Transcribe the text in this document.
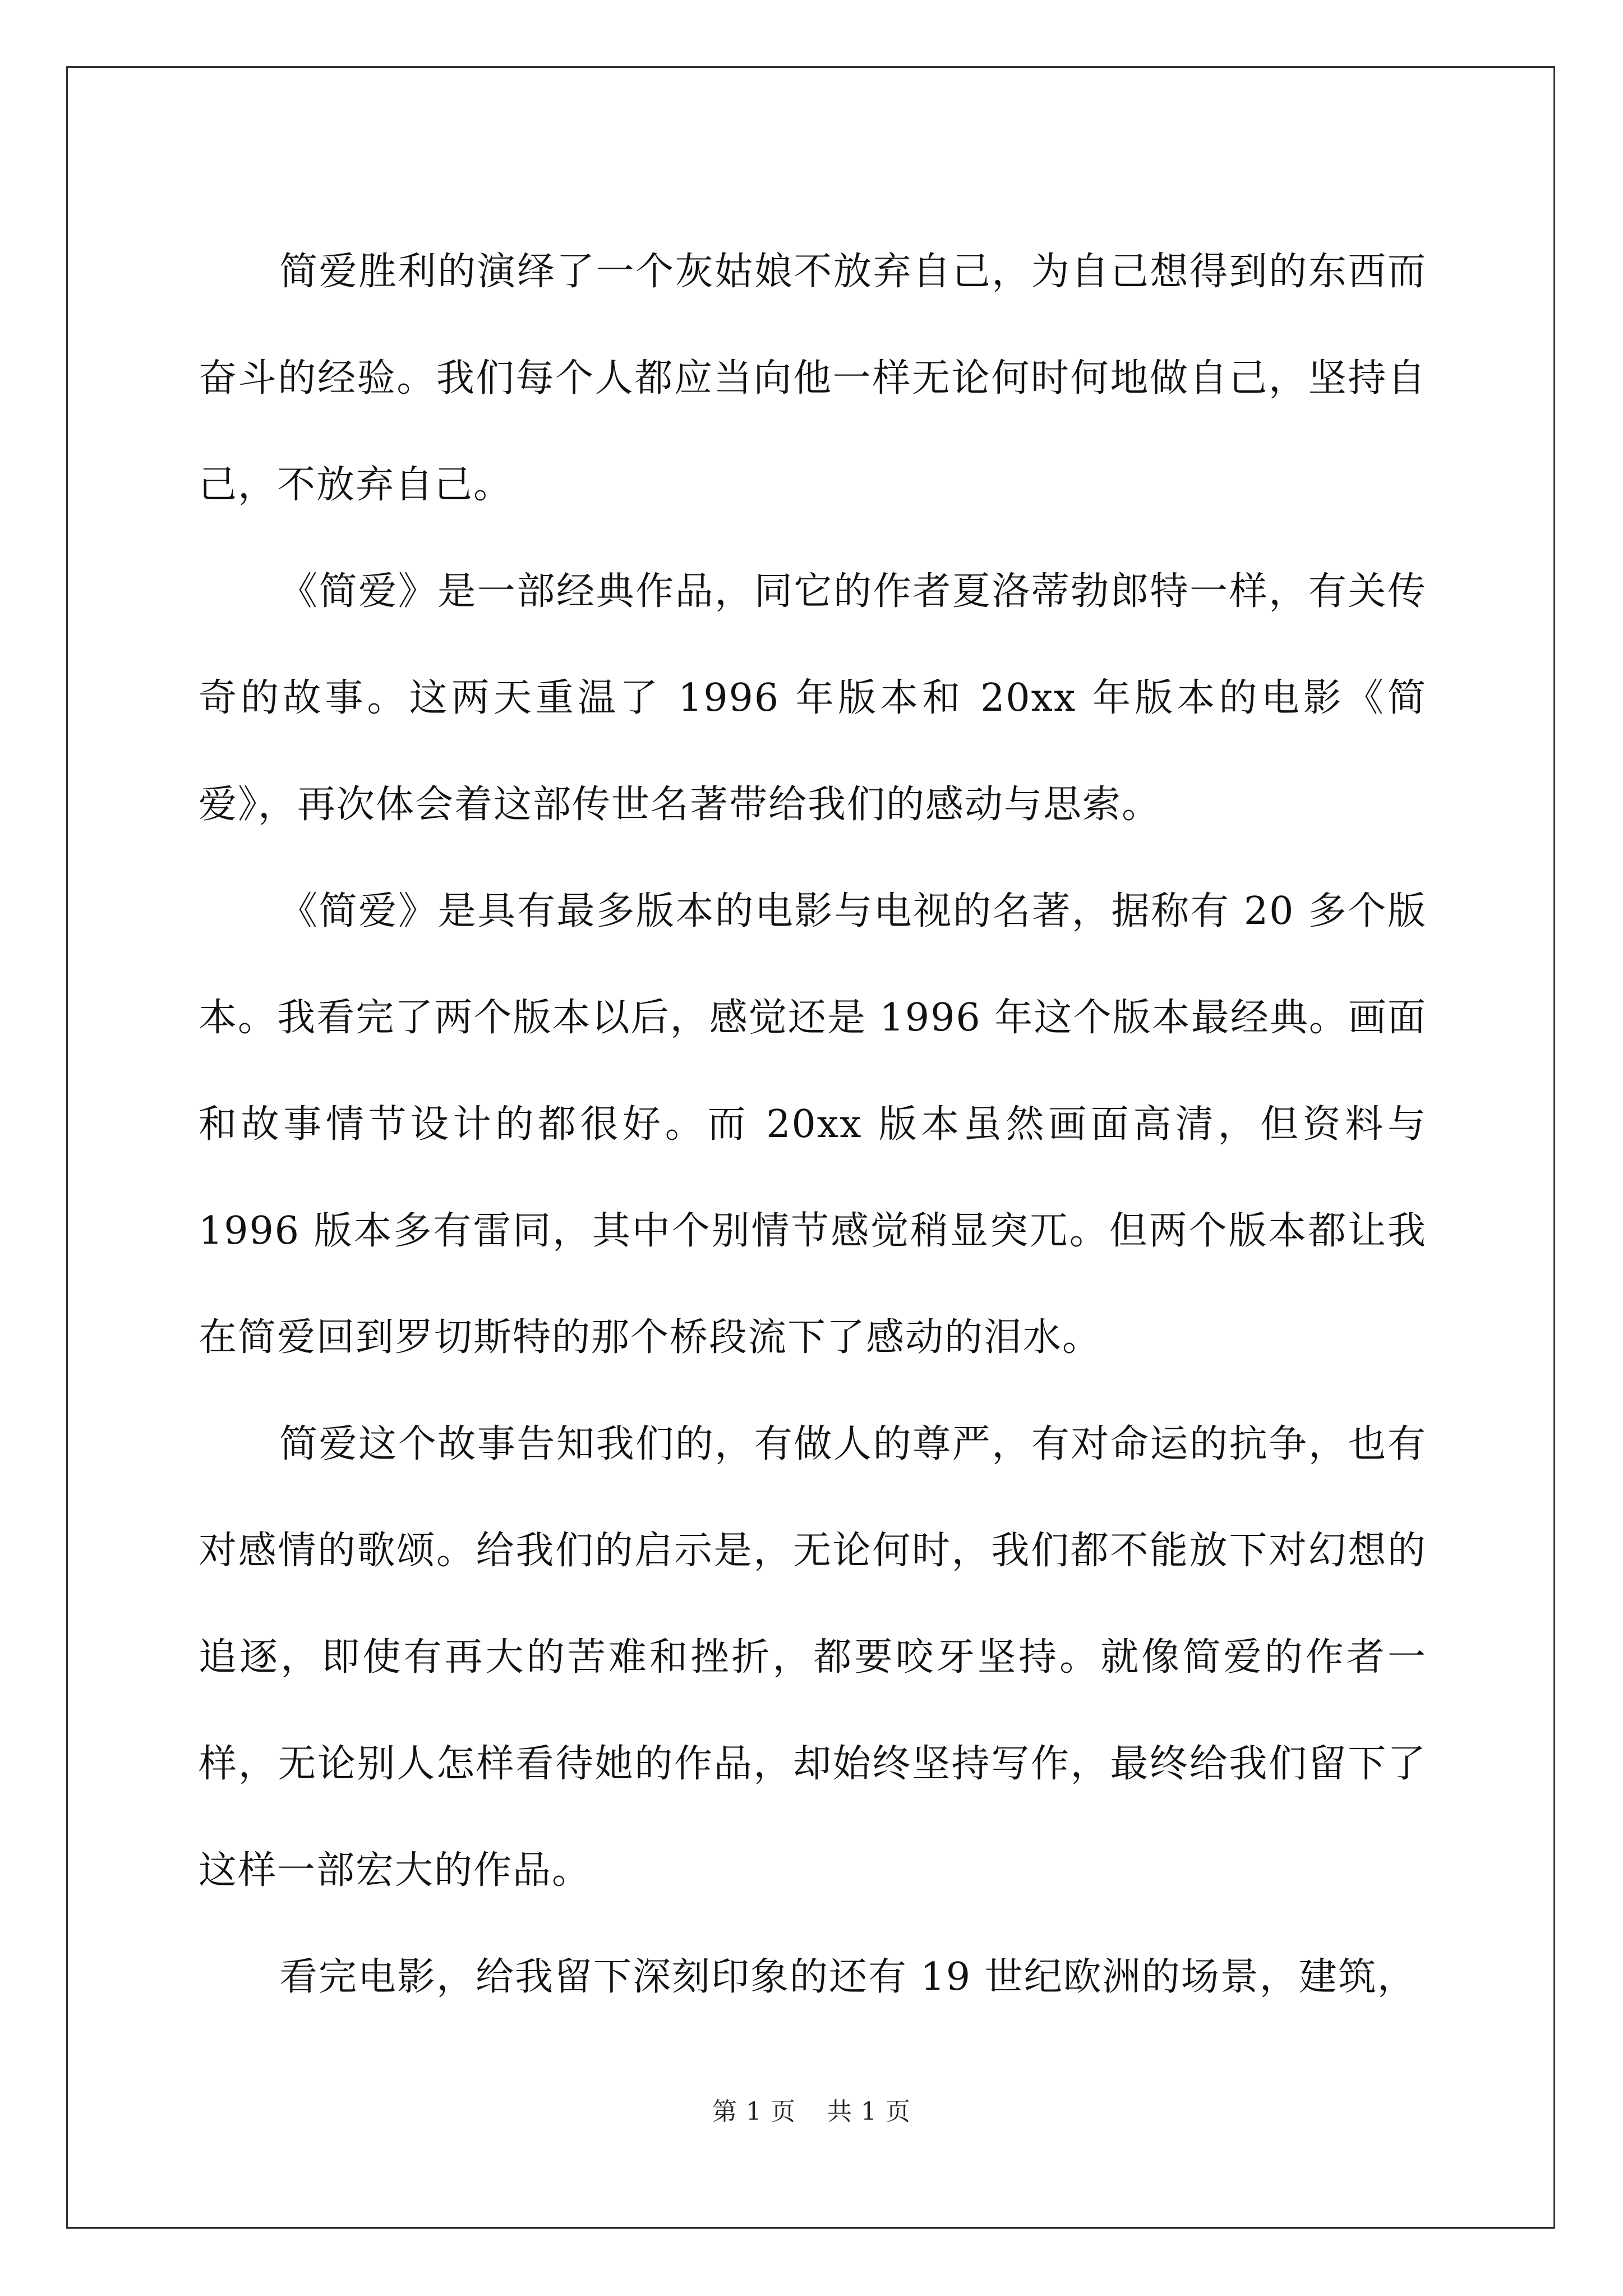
简爱胜利的演绎了一个灰姑娘不放弃自己，为自己想得到的东西而奋斗的经验。我们每个人都应当向他一样无论何时何地做自己，坚持自己，不放弃自己。

《简爱》是一部经典作品，同它的作者夏洛蒂勃郎特一样，有关传奇的故事。这两天重温了 1996 年版本和 20xx 年版本的电影《简爱》，再次体会着这部传世名著带给我们的感动与思索。

《简爱》是具有最多版本的电影与电视的名著，据称有 20 多个版本。我看完了两个版本以后，感觉还是 1996 年这个版本最经典。画面和故事情节设计的都很好。而 20xx 版本虽然画面高清，但资料与 1996 版本多有雷同，其中个别情节感觉稍显突兀。但两个版本都让我在简爱回到罗切斯特的那个桥段流下了感动的泪水。

简爱这个故事告知我们的，有做人的尊严，有对命运的抗争，也有对感情的歌颂。给我们的启示是，无论何时，我们都不能放下对幻想的追逐，即使有再大的苦难和挫折，都要咬牙坚持。就像简爱的作者一样，无论别人怎样看待她的作品，却始终坚持写作，最终给我们留下了这样一部宏大的作品。

看完电影，给我留下深刻印象的还有 19 世纪欧洲的场景，建筑，

第 1 页 共 1 页
